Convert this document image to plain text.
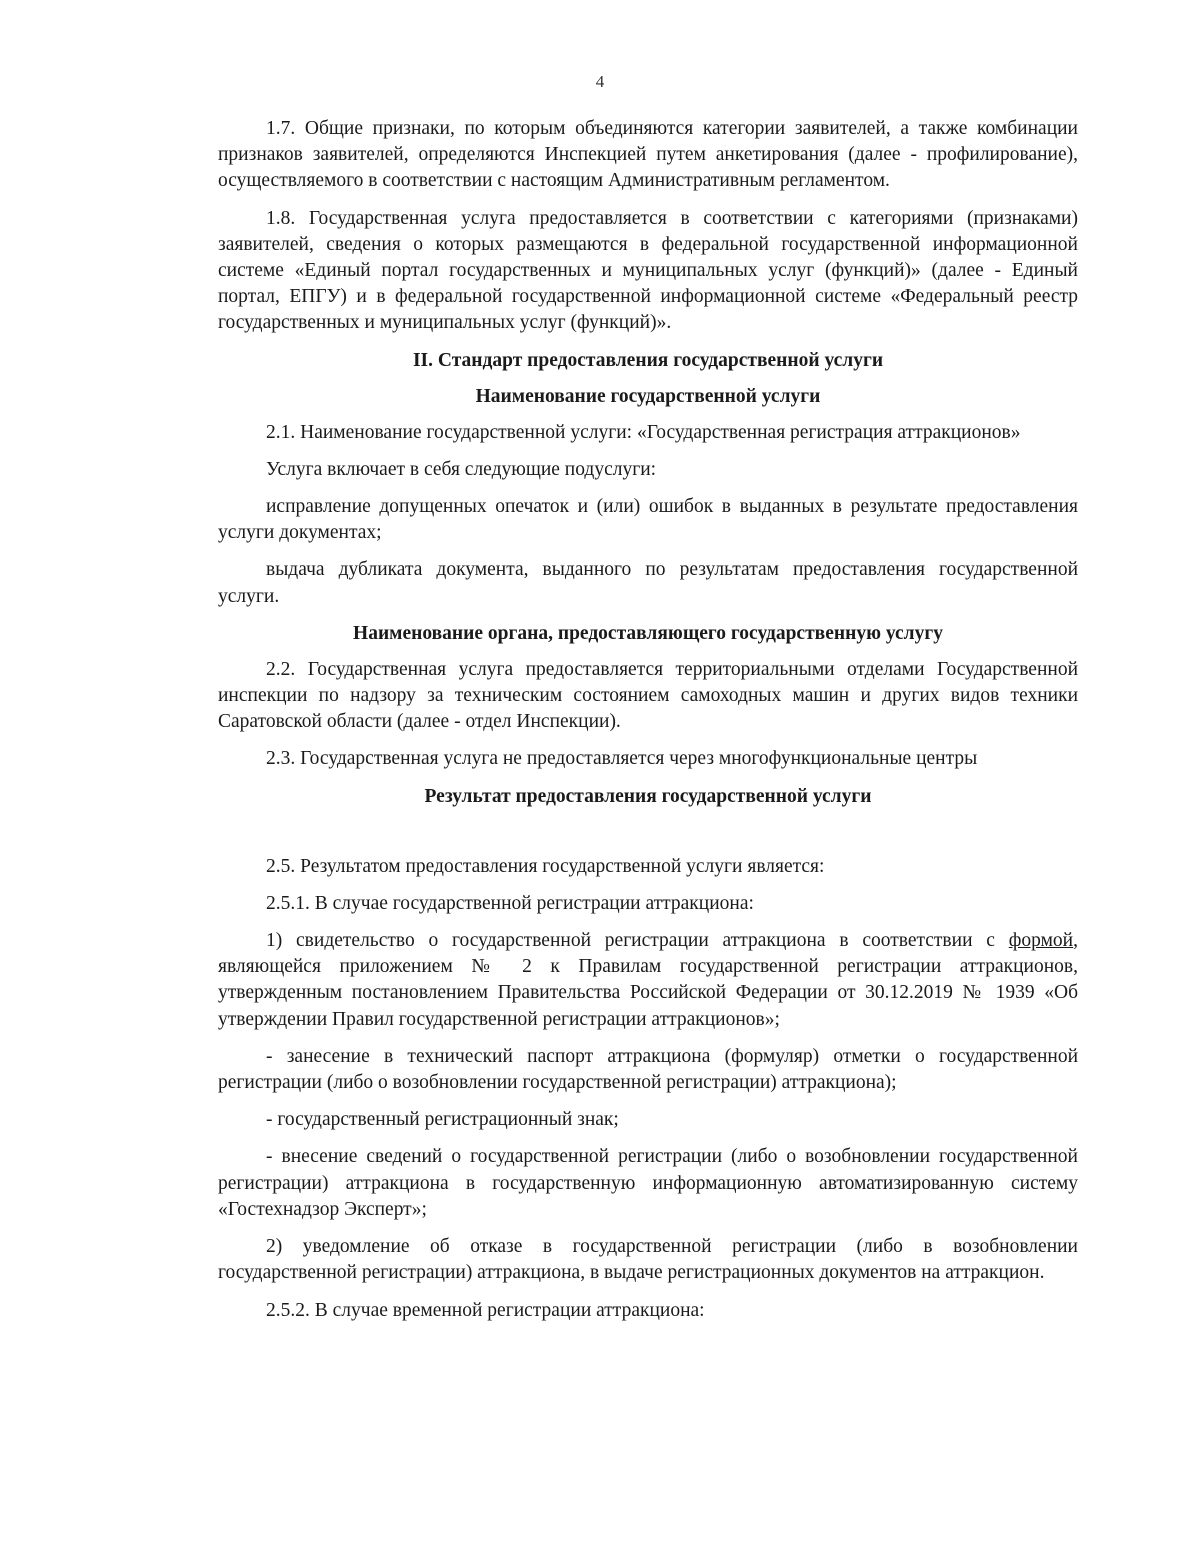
4

1.7. Общие признаки, по которым объединяются категории заявителей, а также комбинации признаков заявителей, определяются Инспекцией путем анкетирования (далее - профилирование), осуществляемого в соответствии с настоящим Административным регламентом.

1.8. Государственная услуга предоставляется в соответствии с категориями (признаками) заявителей, сведения о которых размещаются в федеральной государственной информационной системе «Единый портал государственных и муниципальных услуг (функций)» (далее - Единый портал, ЕПГУ) и в федеральной государственной информационной системе «Федеральный реестр государственных и муниципальных услуг (функций)».

II. Стандарт предоставления государственной услуги
Наименование государственной услуги

2.1. Наименование государственной услуги: «Государственная регистрация аттракционов»

Услуга включает в себя следующие подуслуги:

исправление допущенных опечаток и (или) ошибок в выданных в результате предоставления услуги документах;

выдача дубликата документа, выданного по результатам предоставления государственной услуги.

Наименование органа, предоставляющего государственную услугу

2.2. Государственная услуга предоставляется территориальными отделами Государственной инспекции по надзору за техническим состоянием самоходных машин и других видов техники Саратовской области (далее - отдел Инспекции).

2.3. Государственная услуга не предоставляется через многофункциональные центры

Результат предоставления государственной услуги

2.5. Результатом предоставления государственной услуги является:

2.5.1. В случае государственной регистрации аттракциона:

1) свидетельство о государственной регистрации аттракциона в соответствии с формой, являющейся приложением № 2 к Правилам государственной регистрации аттракционов, утвержденным постановлением Правительства Российской Федерации от 30.12.2019 № 1939 «Об утверждении Правил государственной регистрации аттракционов»;

- занесение в технический паспорт аттракциона (формуляр) отметки о государственной регистрации (либо о возобновлении государственной регистрации) аттракциона);

- государственный регистрационный знак;

- внесение сведений о государственной регистрации (либо о возобновлении государственной регистрации) аттракциона в государственную информационную автоматизированную систему «Гостехнадзор Эксперт»;

2) уведомление об отказе в государственной регистрации (либо в возобновлении государственной регистрации) аттракциона, в выдаче регистрационных документов на аттракцион.

2.5.2. В случае временной регистрации аттракциона:
